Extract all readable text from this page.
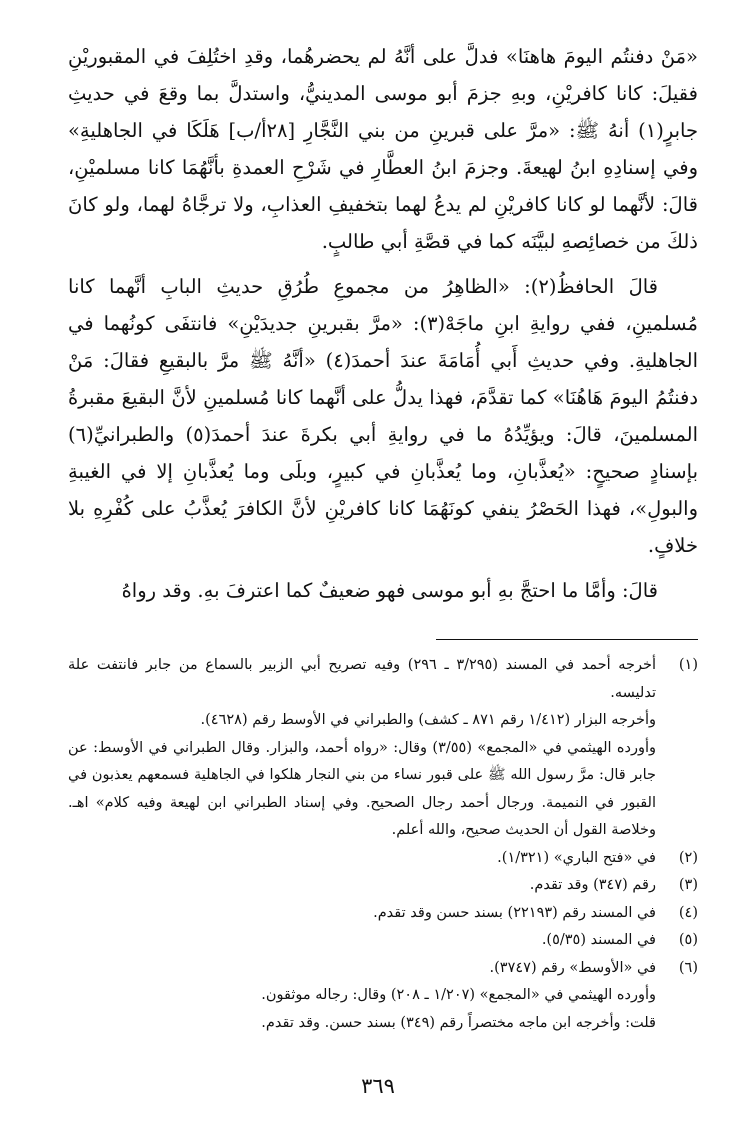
«مَنْ دفنتُم اليومَ هاهنَا» فدلَّ على أنَّهُ لم يحضرهُما، وقدِ اختُلِفَ في المقبوريْنِ فقيلَ: كانا كافريْنِ، وبهِ جزمَ أبو موسى المدينيُّ، واستدلَّ بما وقعَ في حديثِ جابرٍ(١) أنهُ ﷺ: «مرَّ على قبرينِ من بني النَّجَّارِ [٢٨أ/ب] هَلَكَا في الجاهليةِ» وفي إسنادِهِ ابنُ لهيعةَ. وجزمَ ابنُ العطَّارِ في شَرْحِ العمدةِ بأنَّهُمَا كانا مسلميْنِ، قالَ: لأنَّهما لو كانا كافريْنِ لم يدعُ لهما بتخفيفِ العذابِ، ولا ترجَّاهُ لهما، ولو كانَ ذلكَ من خصائِصهِ لبيَّنَه كما في قصَّةِ أبي طالبٍ.

قالَ الحافظُ(٢): «الظاهِرُ من مجموعِ طُرُقِ حديثِ البابِ أنَّهما كانا مُسلمينِ، ففي روايةِ ابنِ ماجَهْ(٣): «مرَّ بقبرينِ جديدَيْنِ» فانتفَى كونُهما في الجاهليةِ. وفي حديثِ أَبي أُمَامَةَ عندَ أحمدَ(٤) «أنَّهُ ﷺ مرَّ بالبقيعِ فقالَ: مَنْ دفنتُمُ اليومَ هَاهُنَا» كما تقدَّمَ، فهذا يدلُّ على أنَّهما كانا مُسلمينِ لأنَّ البقيعَ مقبرةُ المسلمينَ، قالَ: ويؤيِّدُهُ ما في روايةِ أبي بكرةَ عندَ أحمدَ(٥) والطبرانيِّ(٦) بإسنادٍ صحيحٍ: «يُعذَّبانِ، وما يُعذَّبانِ في كبيرٍ، وبلَى وما يُعذَّبانِ إلا في الغيبةِ والبولِ»، فهذا الحَصْرُ ينفي كونَهُمَا كانا كافريْنِ لأنَّ الكافرَ يُعذَّبُ على كُفْرِهِ بلا خلافٍ.

قالَ: وأمَّا ما احتجَّ بهِ أبو موسى فهو ضعيفٌ كما اعترفَ بهِ. وقد رواهُ

(١)
أخرجه أحمد في المسند (٣/٢٩٥ ـ ٢٩٦) وفيه تصريح أبي الزبير بالسماع من جابر فانتفت علة تدليسه.
وأخرجه البزار (١/٤١٢ رقم ٨٧١ ـ كشف) والطبراني في الأوسط رقم (٤٦٢٨).
وأورده الهيثمي في «المجمع» (٣/٥٥) وقال: «رواه أحمد، والبزار. وقال الطبراني في الأوسط: عن جابر قال: مرَّ رسول الله ﷺ على قبور نساء من بني النجار هلكوا في الجاهلية فسمعهم يعذبون في القبور في النميمة. ورجال أحمد رجال الصحيح. وفي إسناد الطبراني ابن لهيعة وفيه كلام» اهـ. وخلاصة القول أن الحديث صحيح، والله أعلم.
(٢)
في «فتح الباري» (١/٣٢١).
(٣)
رقم (٣٤٧) وقد تقدم.
(٤)
في المسند رقم (٢٢١٩٣) بسند حسن وقد تقدم.
(٥)
في المسند (٥/٣٥).
(٦)
في «الأوسط» رقم (٣٧٤٧).
وأورده الهيثمي في «المجمع» (١/٢٠٧ ـ ٢٠٨) وقال: رجاله موثقون.
قلت: وأخرجه ابن ماجه مختصراً رقم (٣٤٩) بسند حسن. وقد تقدم.
٣٦٩
